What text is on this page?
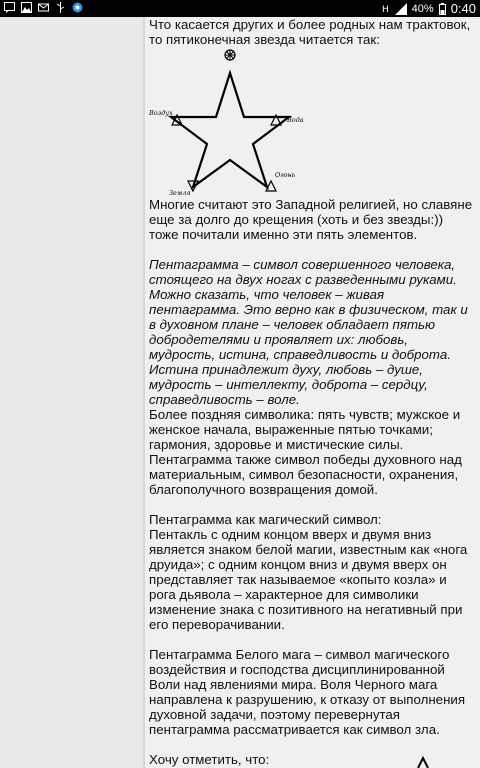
H 40% 0:40

Что касается других и более родных нам трактовок, то пятиконечная звезда читается так:

Воздух
Вода
Земля
Огонь

Многие считают это Западной религией, но славяне еще за долго до крещения (хоть и без звезды:)) тоже почитали именно эти пять элементов.

Пентаграмма – символ совершенного человека, стоящего на двух ногах с разведенными руками. Можно сказать, что человек – живая пентаграмма. Это верно как в физическом, так и в духовном плане – человек обладает пятью добродетелями и проявляет их: любовь, мудрость, истина, справедливость и доброта.

Истина принадлежит духу, любовь – душе, мудрость – интеллекту, доброта – сердцу, справедливость – воле.

Более поздняя символика: пять чувств; мужское и женское начала, выраженные пятью точками; гармония, здоровье и мистические силы. Пентаграмма также символ победы духовного над материальным, символ безопасности, охранения, благополучного возвращения домой.

Пентаграмма как магический символ:

Пентакль с одним концом вверх и двумя вниз является знаком белой магии, известным как «нога друида»; с одним концом вниз и двумя вверх он представляет так называемое «копыто козла» и рога дьявола – характерное для символики изменение знака с позитивного на негативный при его переворачивании.

Пентаграмма Белого мага – символ магического воздействия и господства дисциплинированной Воли над явлениями мира. Воля Черного мага направлена к разрушению, к отказу от выполнения духовной задачи, поэтому перевернутая пентаграмма рассматривается как символ зла.

Хочу отметить, что:
